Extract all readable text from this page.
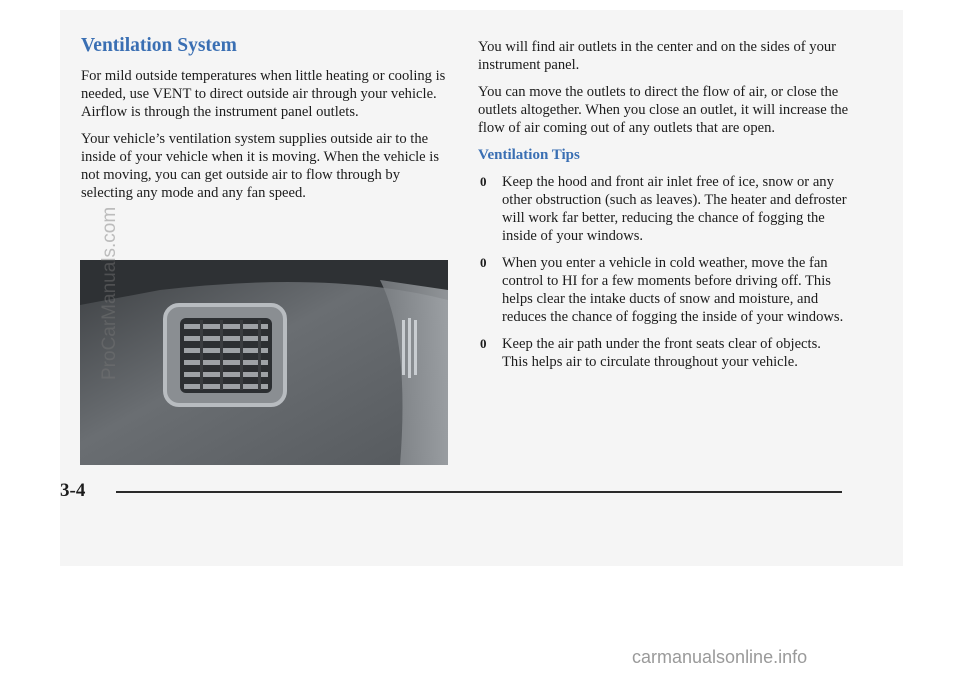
Ventilation System

For mild outside temperatures when little heating or cooling is needed, use VENT to direct outside air through your vehicle. Airflow is through the instrument panel outlets.

Your vehicle’s ventilation system supplies outside air to the inside of your vehicle when it is moving. When the vehicle is not moving, you can get outside air to flow through by selecting any mode and any fan speed.

You will find air outlets in the center and on the sides of your instrument panel.

You can move the outlets to direct the flow of air, or close the outlets altogether. When you close an outlet, it will increase the flow of air coming out of any outlets that are open.

Ventilation Tips
0 Keep the hood and front air inlet free of ice, snow or any other obstruction (such as leaves). The heater and defroster will work far better, reducing the chance of fogging the inside of your windows.
0 When you enter a vehicle in cold weather, move the fan control to HI for a few moments before driving off. This helps clear the intake ducts of snow and moisture, and reduces the chance of fogging the inside of your windows.
0 Keep the air path under the front seats clear of objects. This helps air to circulate throughout your vehicle.
3-4
ProCarManuals.com
carmanualsonline.info
